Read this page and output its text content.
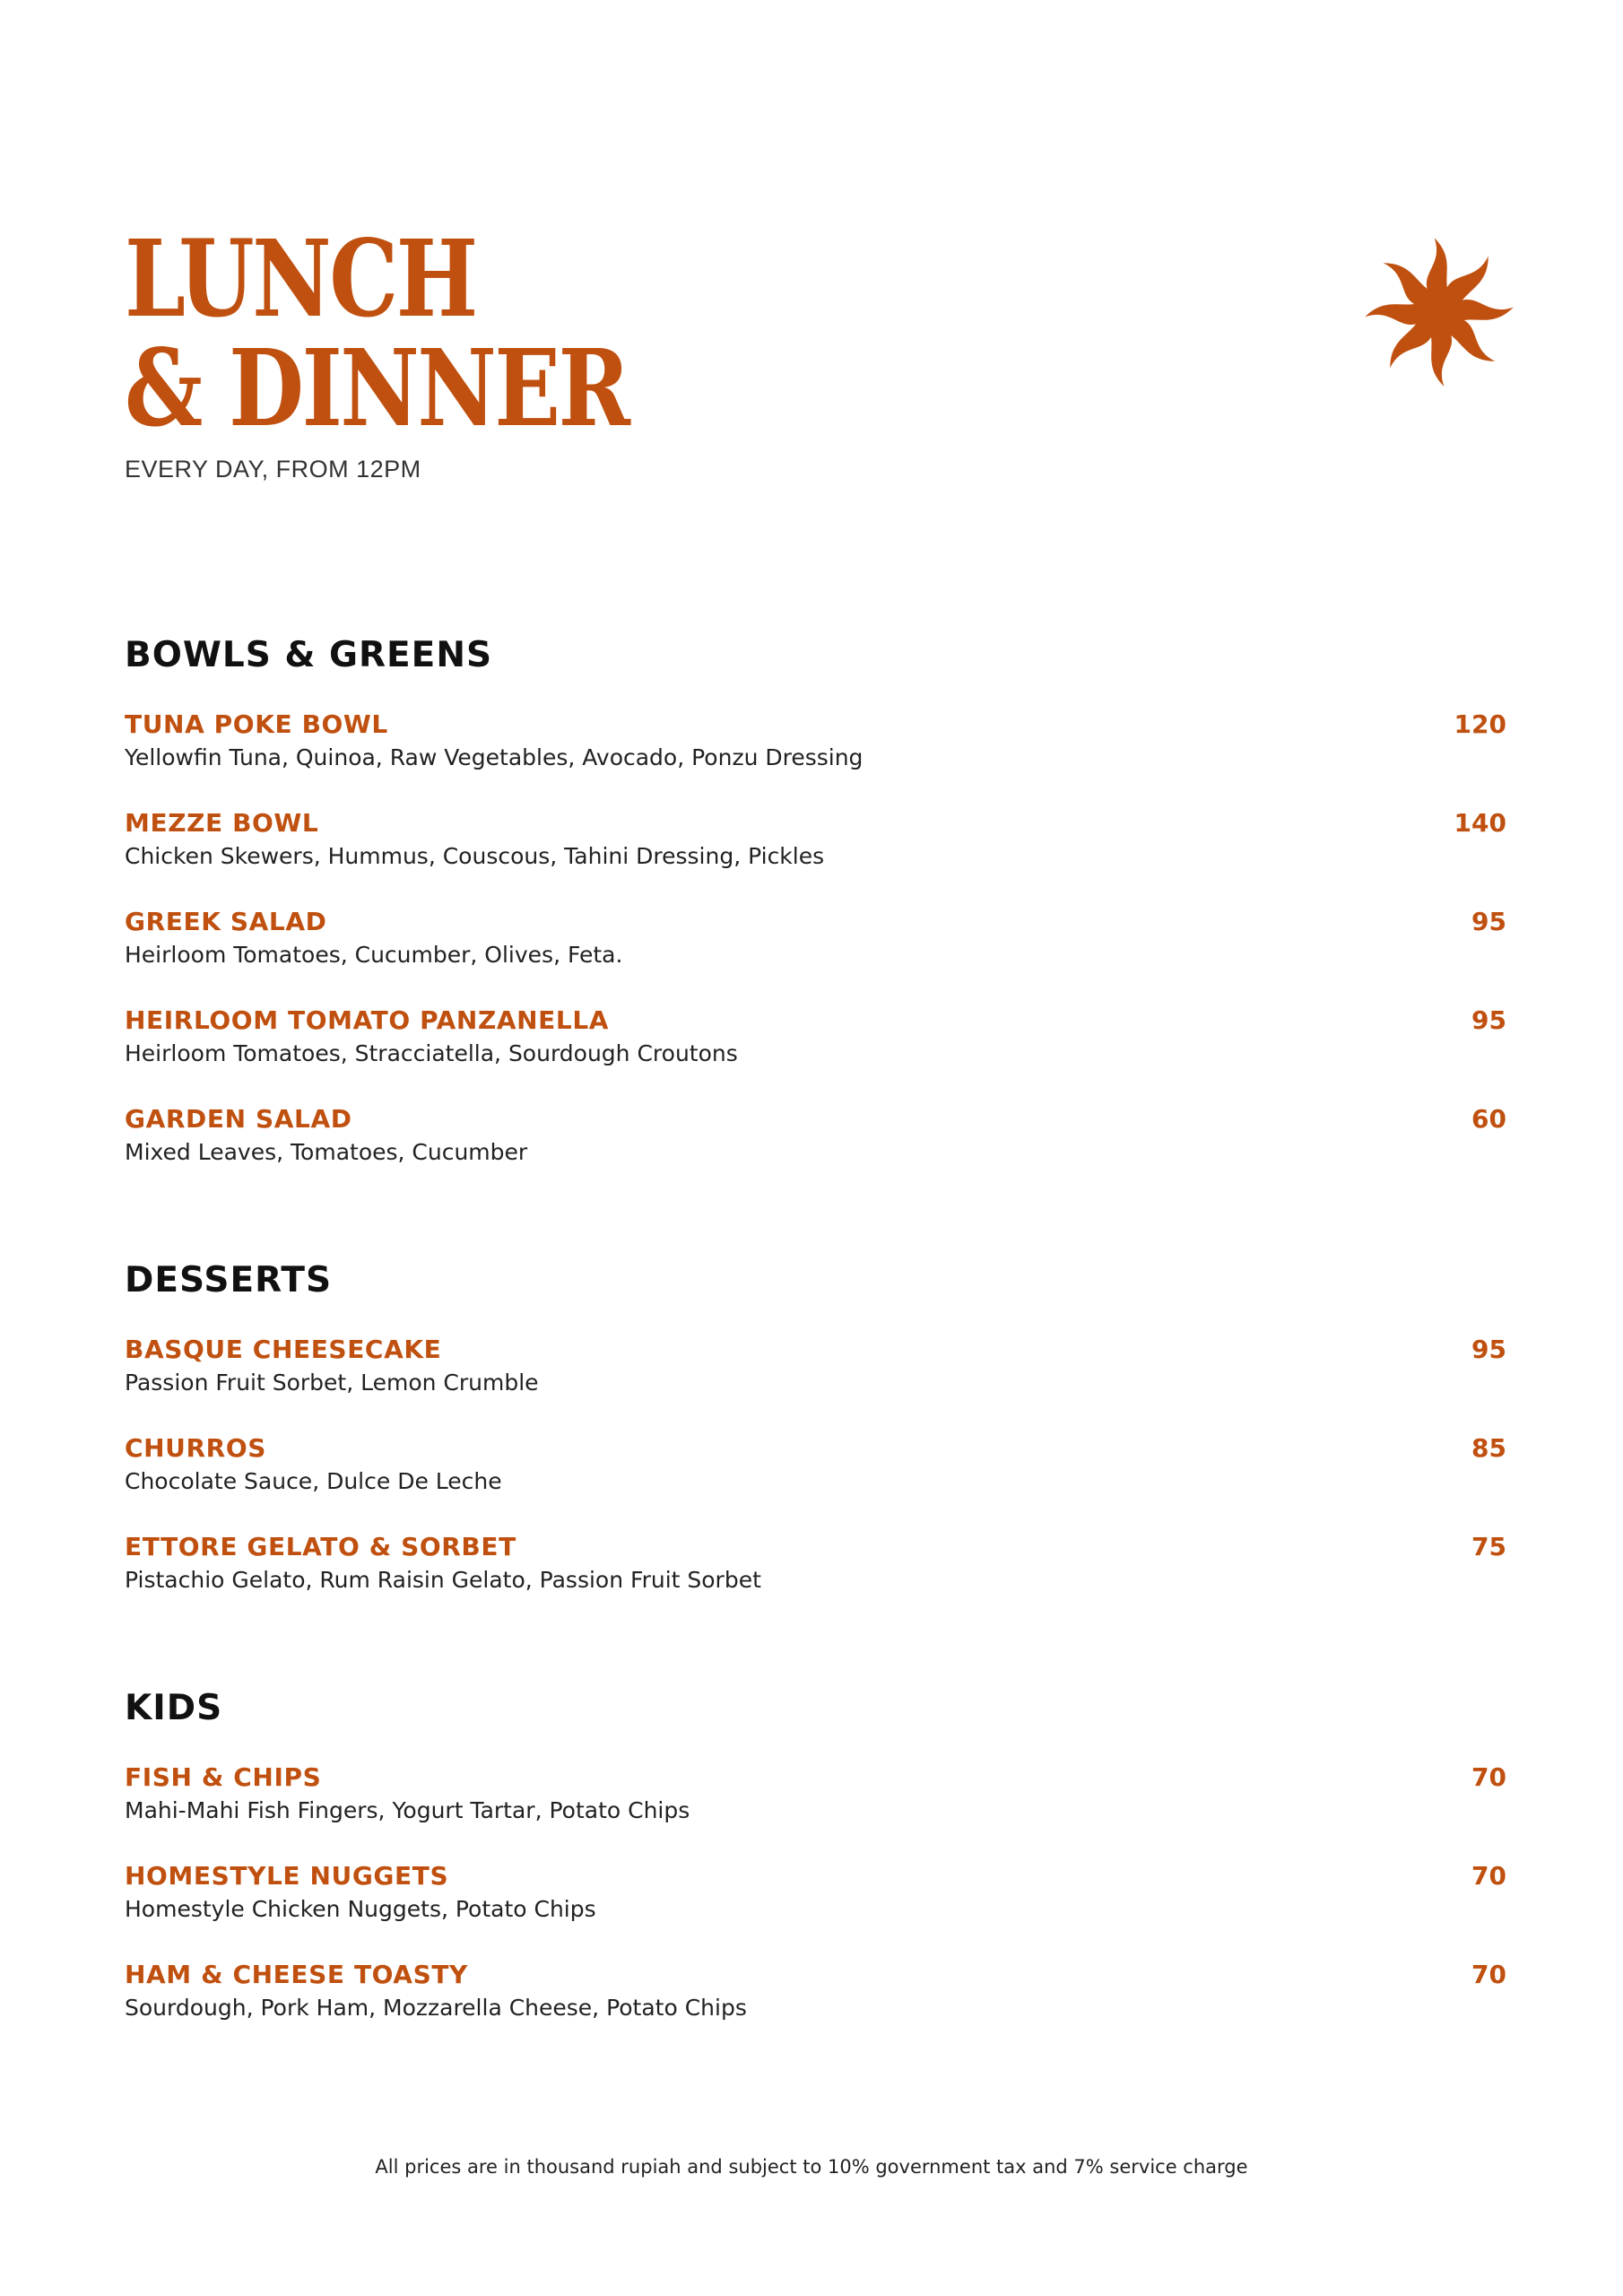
LUNCH
& DINNER
EVERY DAY, FROM 12PM
BOWLS & GREENS
TUNA POKE BOWL	120
Yellowfin Tuna, Quinoa, Raw Vegetables, Avocado, Ponzu Dressing
MEZZE BOWL	140
Chicken Skewers, Hummus, Couscous, Tahini Dressing, Pickles
GREEK SALAD	95
Heirloom Tomatoes, Cucumber, Olives, Feta.
HEIRLOOM TOMATO PANZANELLA	95
Heirloom Tomatoes, Stracciatella, Sourdough Croutons
GARDEN SALAD	60
Mixed Leaves, Tomatoes, Cucumber
DESSERTS
BASQUE CHEESECAKE	95
Passion Fruit Sorbet, Lemon Crumble
CHURROS	85
Chocolate Sauce, Dulce De Leche
ETTORE GELATO & SORBET	75
Pistachio Gelato, Rum Raisin Gelato, Passion Fruit Sorbet
KIDS
FISH & CHIPS	70
Mahi-Mahi Fish Fingers, Yogurt Tartar, Potato Chips
HOMESTYLE NUGGETS	70
Homestyle Chicken Nuggets, Potato Chips
HAM & CHEESE TOASTY	70
Sourdough, Pork Ham, Mozzarella Cheese, Potato Chips
All prices are in thousand rupiah and subject to 10% government tax and 7% service charge
